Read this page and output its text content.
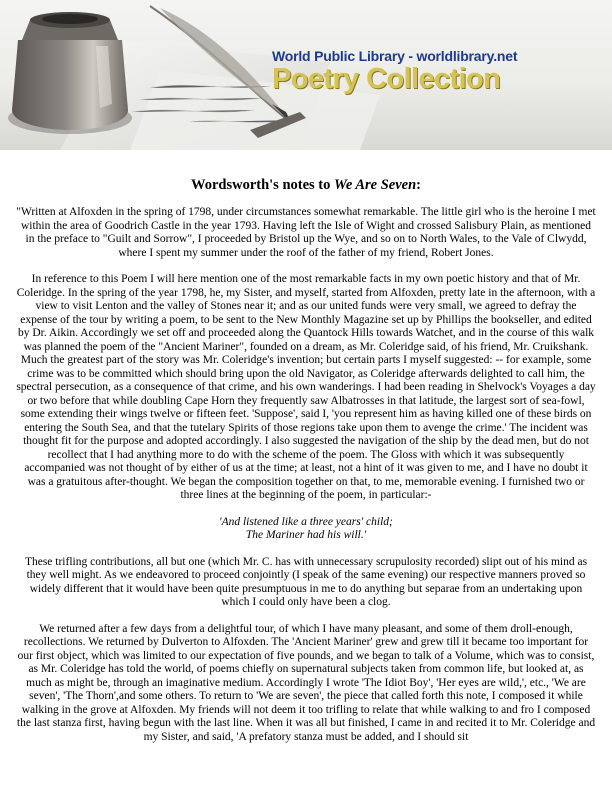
World Public Library - worldlibrary.net
Poetry Collection
Wordsworth's notes to We Are Seven:

"Written at Alfoxden in the spring of 1798, under circumstances somewhat remarkable. The little girl who is the heroine I met within the area of Goodrich Castle in the year 1793. Having left the Isle of Wight and crossed Salisbury Plain, as mentioned in the preface to "Guilt and Sorrow", I proceeded by Bristol up the Wye, and so on to North Wales, to the Vale of Clwydd, where I spent my summer under the roof of the father of my friend, Robert Jones.

In reference to this Poem I will here mention one of the most remarkable facts in my own poetic history and that of Mr. Coleridge. In the spring of the year 1798, he, my Sister, and myself, started from Alfoxden, pretty late in the afternoon, with a view to visit Lenton and the valley of Stones near it; and as our united funds were very small, we agreed to defray the expense of the tour by writing a poem, to be sent to the New Monthly Magazine set up by Phillips the bookseller, and edited by Dr. Aikin. Accordingly we set off and proceeded along the Quantock Hills towards Watchet, and in the course of this walk was planned the poem of the "Ancient Mariner", founded on a dream, as Mr. Coleridge said, of his friend, Mr. Cruikshank. Much the greatest part of the story was Mr. Coleridge's invention; but certain parts I myself suggested: -- for example, some crime was to be committed which should bring upon the old Navigator, as Coleridge afterwards delighted to call him, the spectral persecution, as a consequence of that crime, and his own wanderings. I had been reading in Shelvock's Voyages a day or two before that while doubling Cape Horn they frequently saw Albatrosses in that latitude, the largest sort of sea-fowl, some extending their wings twelve or fifteen feet. 'Suppose', said I, 'you represent him as having killed one of these birds on entering the South Sea, and that the tutelary Spirits of those regions take upon them to avenge the crime.' The incident was thought fit for the purpose and adopted accordingly. I also suggested the navigation of the ship by the dead men, but do not recollect that I had anything more to do with the scheme of the poem. The Gloss with which it was subsequently accompanied was not thought of by either of us at the time; at least, not a hint of it was given to me, and I have no doubt it was a gratuitous after-thought. We began the composition together on that, to me, memorable evening. I furnished two or three lines at the beginning of the poem, in particular:-

'And listened like a three years' child;
The Mariner had his will.'

These trifling contributions, all but one (which Mr. C. has with unnecessary scrupulosity recorded) slipt out of his mind as they well might. As we endeavored to proceed conjointly (I speak of the same evening) our respective manners proved so widely different that it would have been quite presumptuous in me to do anything but separae from an undertaking upon which I could only have been a clog.

We returned after a few days from a delightful tour, of which I have many pleasant, and some of them droll-enough, recollections. We returned by Dulverton to Alfoxden. The 'Ancient Mariner' grew and grew till it became too important for our first object, which was limited to our expectation of five pounds, and we began to talk of a Volume, which was to consist, as Mr. Coleridge has told the world, of poems chiefly on supernatural subjects taken from common life, but looked at, as much as might be, through an imaginative medium. Accordingly I wrote 'The Idiot Boy', 'Her eyes are wild,', etc., 'We are seven', 'The Thorn',and some others. To return to 'We are seven', the piece that called forth this note, I composed it while walking in the grove at Alfoxden. My friends will not deem it too trifling to relate that while walking to and fro I composed the last stanza first, having begun with the last line. When it was all but finished, I came in and recited it to Mr. Coleridge and my Sister, and said, 'A prefatory stanza must be added, and I should sit
